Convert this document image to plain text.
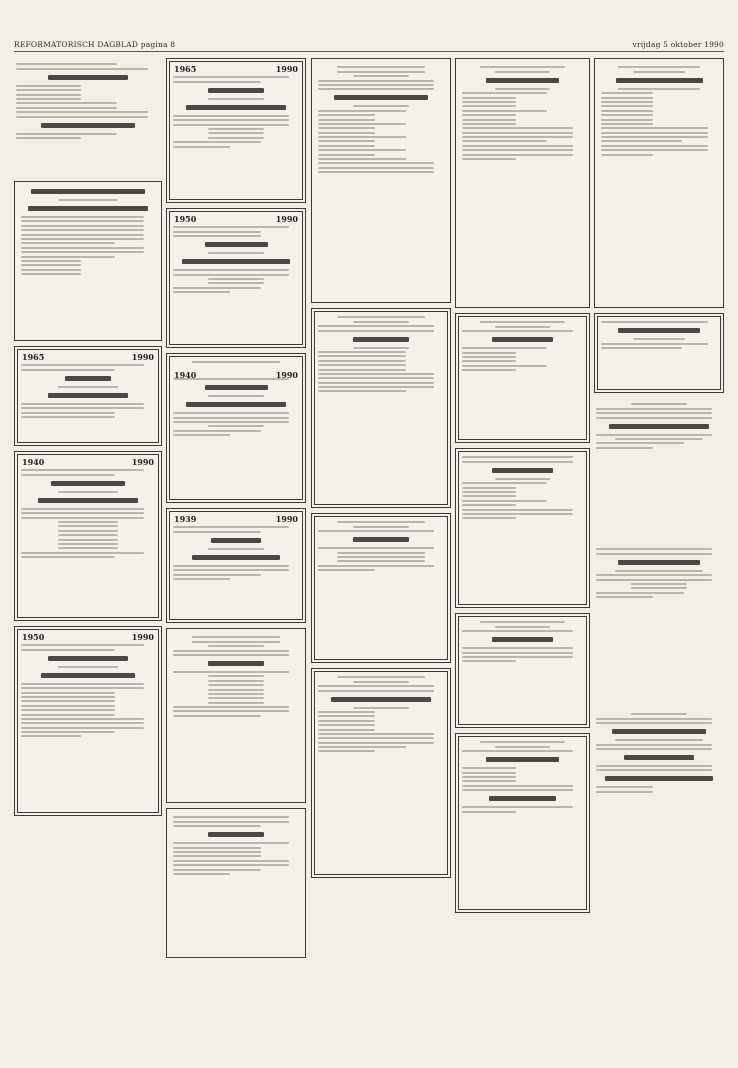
REFORMATORISCH DAGBLAD pagina 8	vrijdag 5 oktober 1990
1965	1990
1940	1990
1950	1990
1965	1990
1950	1990
1940	1990
1939	1990
